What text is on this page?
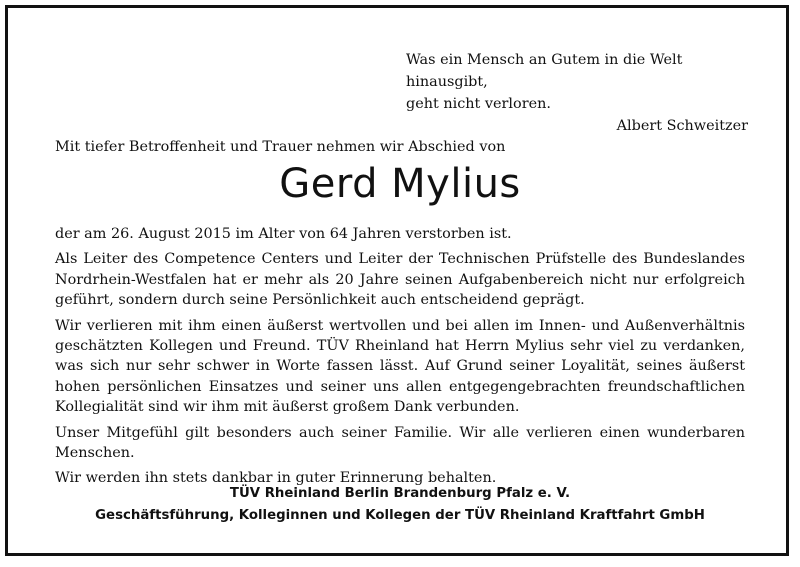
Was ein Mensch an Gutem in die Welt hinausgibt,
geht nicht verloren.
Albert Schweitzer
Mit tiefer Betroffenheit und Trauer nehmen wir Abschied von
Gerd Mylius

der am 26. August 2015 im Alter von 64 Jahren verstorben ist.

Als Leiter des Competence Centers und Leiter der Technischen Prüfstelle des Bundeslandes Nordrhein-Westfalen hat er mehr als 20 Jahre seinen Aufgabenbereich nicht nur erfolgreich geführt, sondern durch seine Persönlichkeit auch entscheidend geprägt.

Wir verlieren mit ihm einen äußerst wertvollen und bei allen im Innen- und Außenverhältnis geschätzten Kollegen und Freund. TÜV Rheinland hat Herrn Mylius sehr viel zu verdanken, was sich nur sehr schwer in Worte fassen lässt. Auf Grund seiner Loyalität, seines äußerst hohen persönlichen Einsatzes und seiner uns allen entgegengebrachten freundschaftlichen Kollegialität sind wir ihm mit äußerst großem Dank verbunden.

Unser Mitgefühl gilt besonders auch seiner Familie. Wir alle verlieren einen wunderbaren Menschen.

Wir werden ihn stets dankbar in guter Erinnerung behalten.

TÜV Rheinland Berlin Brandenburg Pfalz e. V.
Geschäftsführung, Kolleginnen und Kollegen der TÜV Rheinland Kraftfahrt GmbH
